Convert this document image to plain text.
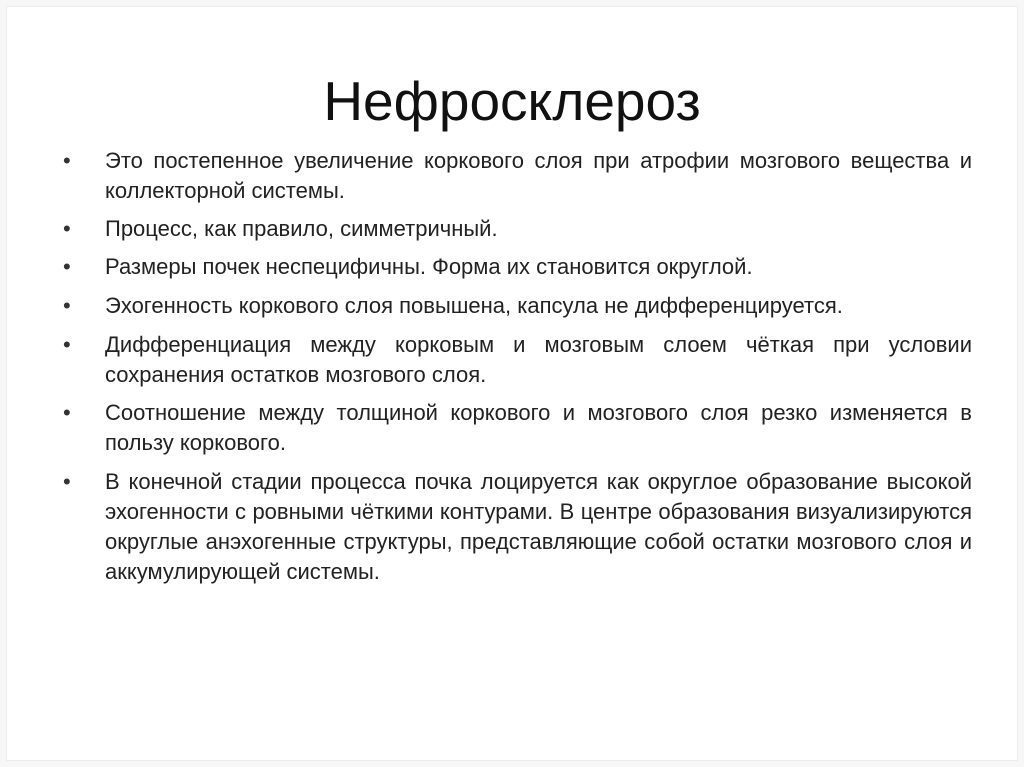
Нефросклероз
• Это постепенное увеличение коркового слоя при атрофии мозгового вещества и коллекторной системы.
• Процесс, как правило, симметричный.
• Размеры почек неспецифичны. Форма их становится округлой.
• Эхогенность коркового слоя повышена, капсула не дифференцируется.
• Дифференциация между корковым и мозговым слоем чёткая при условии сохранения остатков мозгового слоя.
• Соотношение между толщиной коркового и мозгового слоя резко изменяется в пользу коркового.
• В конечной стадии процесса почка лоцируется как округлое образование высокой эхогенности с ровными чёткими контурами. В центре образования визуализируются округлые анэхогенные структуры, представляющие собой остатки мозгового слоя и аккумулирующей системы.
